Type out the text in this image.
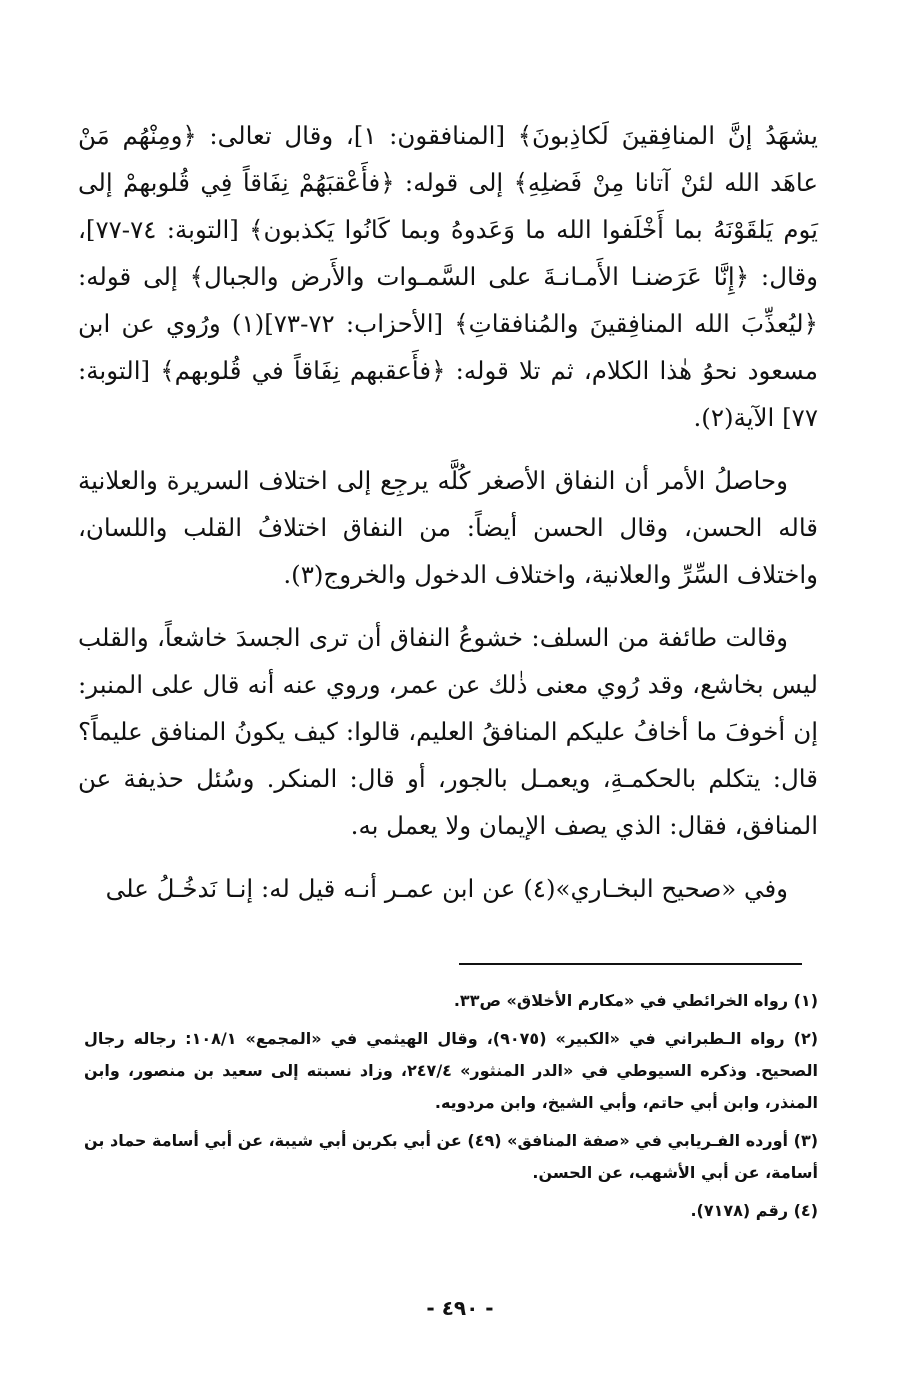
يشهَدُ إنَّ المنافِقينَ لَكاذِبونَ﴾ [المنافقون: ١]، وقال تعالى: ﴿ومِنْهُم مَنْ عاهَد الله لئنْ آتانا مِنْ فَضلِهِ﴾ إلى قوله: ﴿فأَعْقبَهُمْ نِفَاقاً فِي قُلوبهمْ إلى يَوم يَلقَوْنَهُ بما أَخْلَفوا الله ما وَعَدوهُ وبما كَانُوا يَكذبون﴾ [التوبة: ٧٤-٧٧]، وقال: ﴿إِنَّا عَرَضنـا الأَمـانـةَ على السَّمـوات والأَرض والجبال﴾ إلى قوله: ﴿ليُعذِّبَ الله المنافِقينَ والمُنافقاتِ﴾ [الأحزاب: ٧٢-٧٣](١) ورُوي عن ابن مسعود نحوُ هٰذا الكلام، ثم تلا قوله: ﴿فأَعقبهم نِفَاقاً في قُلوبهم﴾ [التوبة: ٧٧] الآية(٢).

وحاصلُ الأمر أن النفاق الأصغر كُلَّه يرجِع إلى اختلاف السريرة والعلانية قاله الحسن، وقال الحسن أيضاً: من النفاق اختلافُ القلب واللسان، واختلاف السِّرِّ والعلانية، واختلاف الدخول والخروج(٣).

وقالت طائفة من السلف: خشوعُ النفاق أن ترى الجسدَ خاشعاً، والقلب ليس بخاشع، وقد رُوي معنى ذٰلك عن عمر، وروي عنه أنه قال على المنبر: إن أخوفَ ما أخافُ عليكم المنافقُ العليم، قالوا: كيف يكونُ المنافق عليماً؟ قال: يتكلم بالحكمـةِ، ويعمـل بالجور، أو قال: المنكر. وسُئل حذيفة عن المنافق، فقال: الذي يصف الإيمان ولا يعمل به.

وفي «صحيح البخـاري»(٤) عن ابن عمـر أنـه قيل له: إنـا نَدخُـلُ على

(١) رواه الخرائطي في «مكارم الأخلاق» ص٣٣.

(٢) رواه الـطبراني في «الكبير» (٩٠٧٥)، وقال الهيثمي في «المجمع» ١٠٨/١: رجاله رجال الصحيح. وذكره السيوطي في «الدر المنثور» ٢٤٧/٤، وزاد نسبته إلى سعيد بن منصور، وابن المنذر، وابن أبي حاتم، وأبي الشيخ، وابن مردويه.

(٣) أورده الفـريابي في «صفة المنافق» (٤٩) عن أبي بكربن أبي شيبة، عن أبي أسامة حماد بن أسامة، عن أبي الأشهب، عن الحسن.

(٤) رقم (٧١٧٨).

- ٤٩٠ -
